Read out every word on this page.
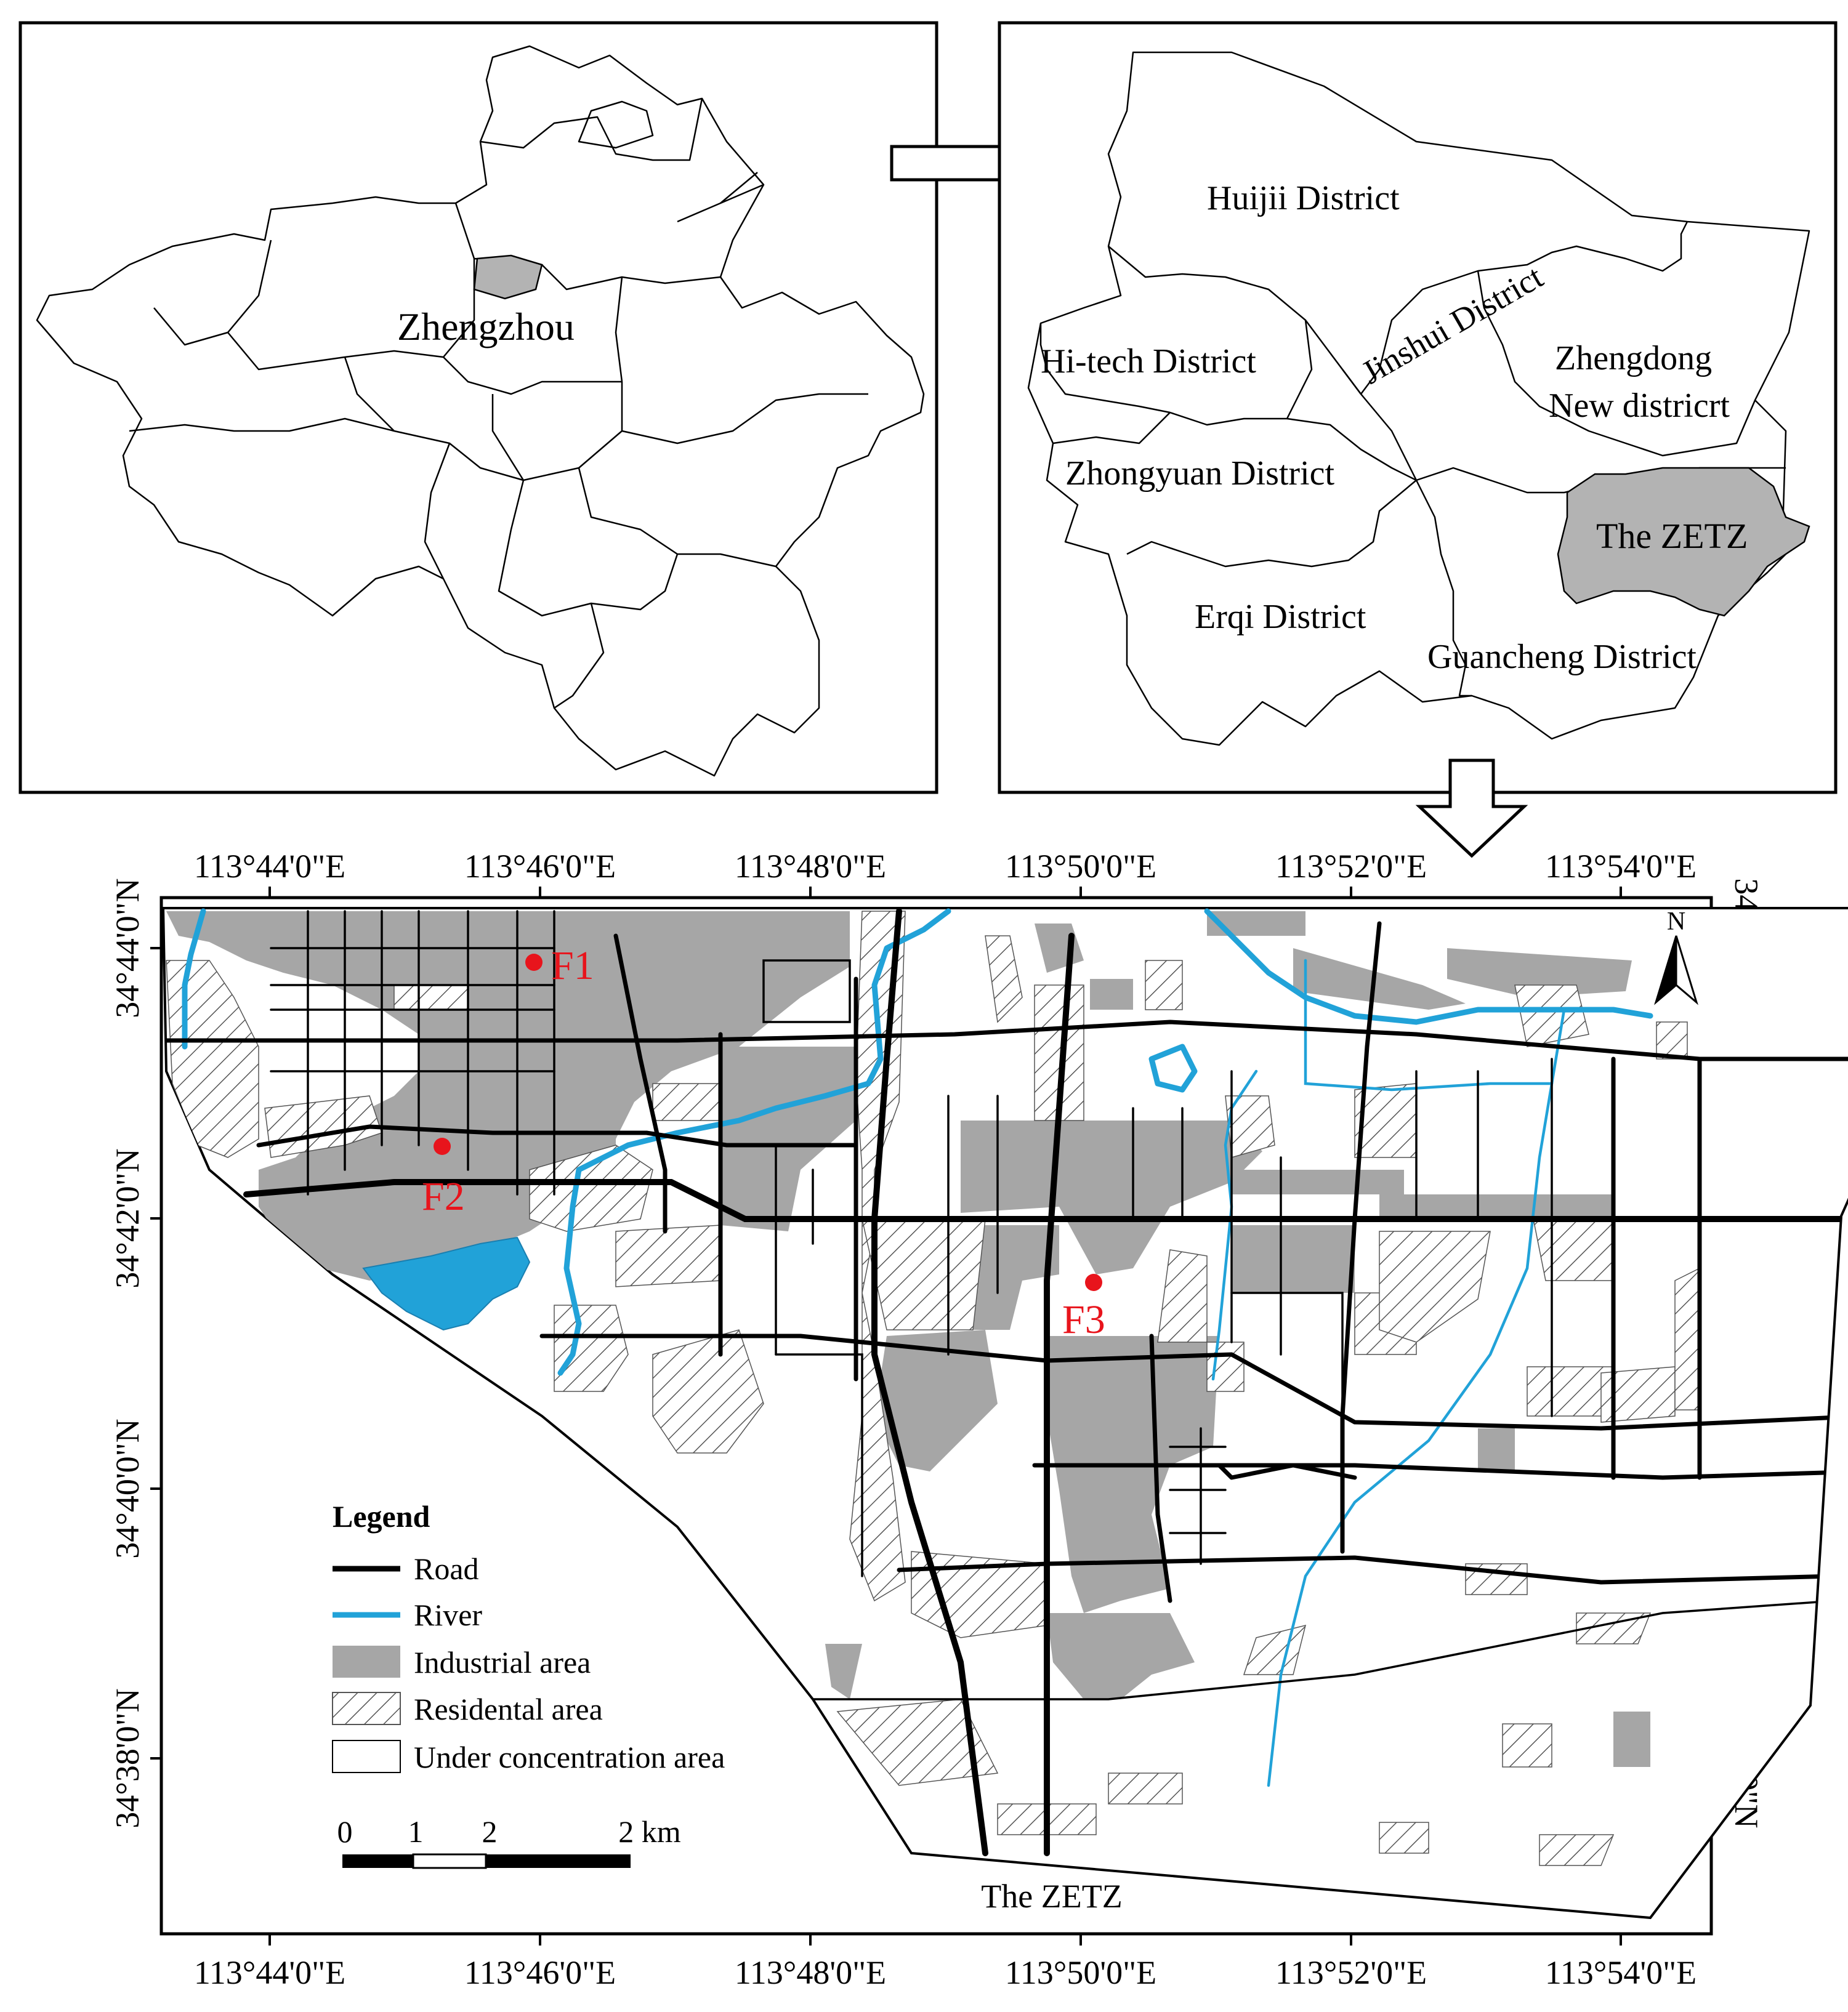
Zhengzhou
Huijii District
Jinshui District
Hi-tech District	Zhengdong
New districrt
Zhongyuan District
The ZETZ
Erqi District
Guancheng District
113°44'0"E	113°46'0"E	113°48'0"E	113°50'0"E	113°52'0"E	113°54'0"E
113°44'0"E	113°46'0"E	113°48'0"E	113°50'0"E	113°52'0"E	113°54'0"E
34°44'0"N
34°42'0"N
34°40'0"N
34°38'0"N
F1
F2
F3
N
Legend
Road
River
Industrial area
Residental area
Under concentration area
0 1 2	2 km
The ZETZ
